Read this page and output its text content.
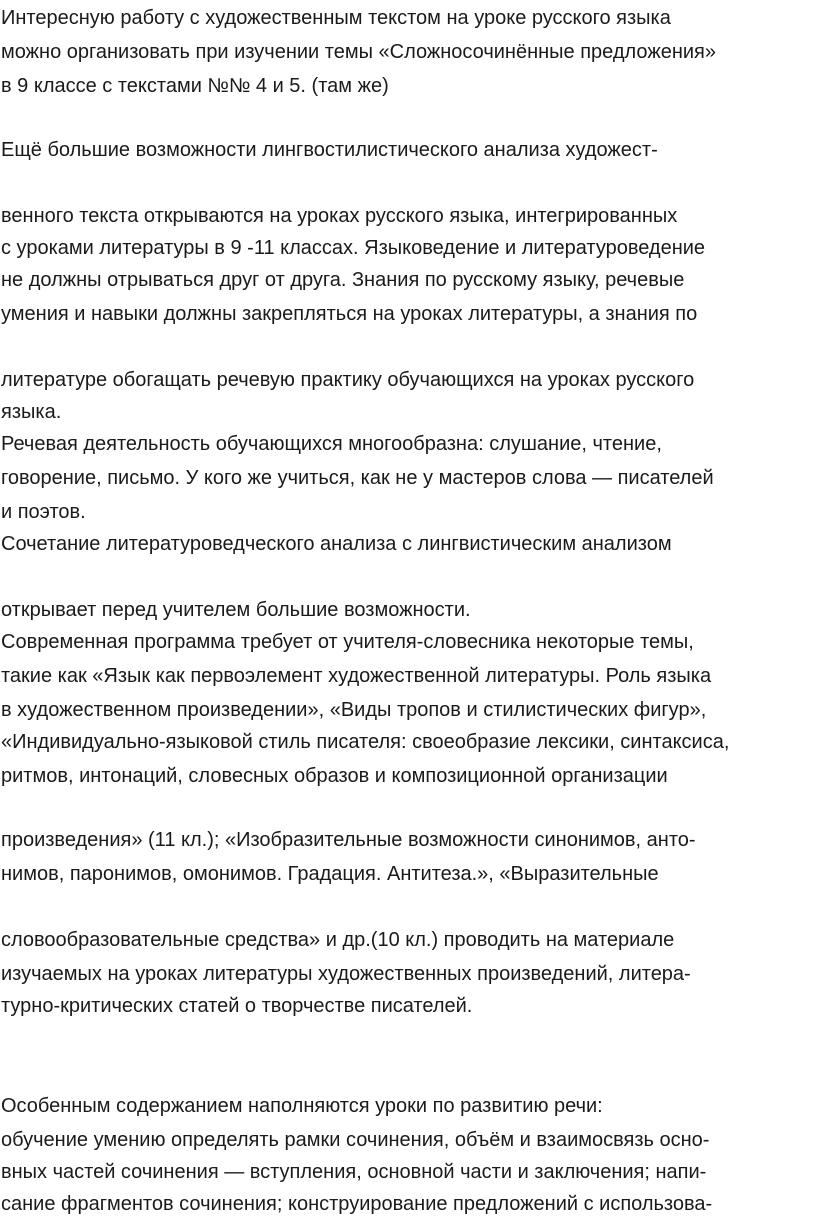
Интересную работу с художественным текстом на уроке русского языка
можно организовать при изучении темы «Сложносочинённые предложения»
в 9 классе с текстами №№ 4 и 5. (там же)
Ещё большие возможности лингвостилистического анализа художест-
венного текста открываются на уроках русского языка, интегрированных
с уроками литературы в 9 -11 классах. Языковедение и литературоведение
не должны отрываться друг от друга. Знания по русскому языку, речевые
умения и навыки должны закрепляться на уроках литературы, а знания по
литературе обогащать речевую практику обучающихся на уроках русского
языка.
Речевая деятельность обучающихся многообразна: слушание, чтение,
говорение, письмо. У кого же учиться, как не у мастеров слова — писателей
и поэтов.
Сочетание литературоведческого анализа с лингвистическим анализом
открывает перед учителем большие возможности.
Современная программа требует от учителя-словесника некоторые темы,
такие как «Язык как первоэлемент художественной литературы. Роль языка
в художественном произведении», «Виды тропов и стилистических фигур»,
«Индивидуально-языковой стиль писателя: своеобразие лексики, синтаксиса,
ритмов, интонаций, словесных образов и композиционной организации
произведения» (11 кл.); «Изобразительные возможности синонимов, анто-
нимов, паронимов, омонимов. Градация. Антитеза.», «Выразительные
словообразовательные средства» и др.(10 кл.) проводить на материале
изучаемых на уроках литературы художественных произведений, литера-
турно-критических статей о творчестве писателей.
Особенным содержанием наполняются уроки по развитию речи:
обучение умению определять рамки сочинения, объём и взаимосвязь осно-
вных частей сочинения — вступления, основной части и заключения; напи-
сание фрагментов сочинения; конструирование предложений с использова-
